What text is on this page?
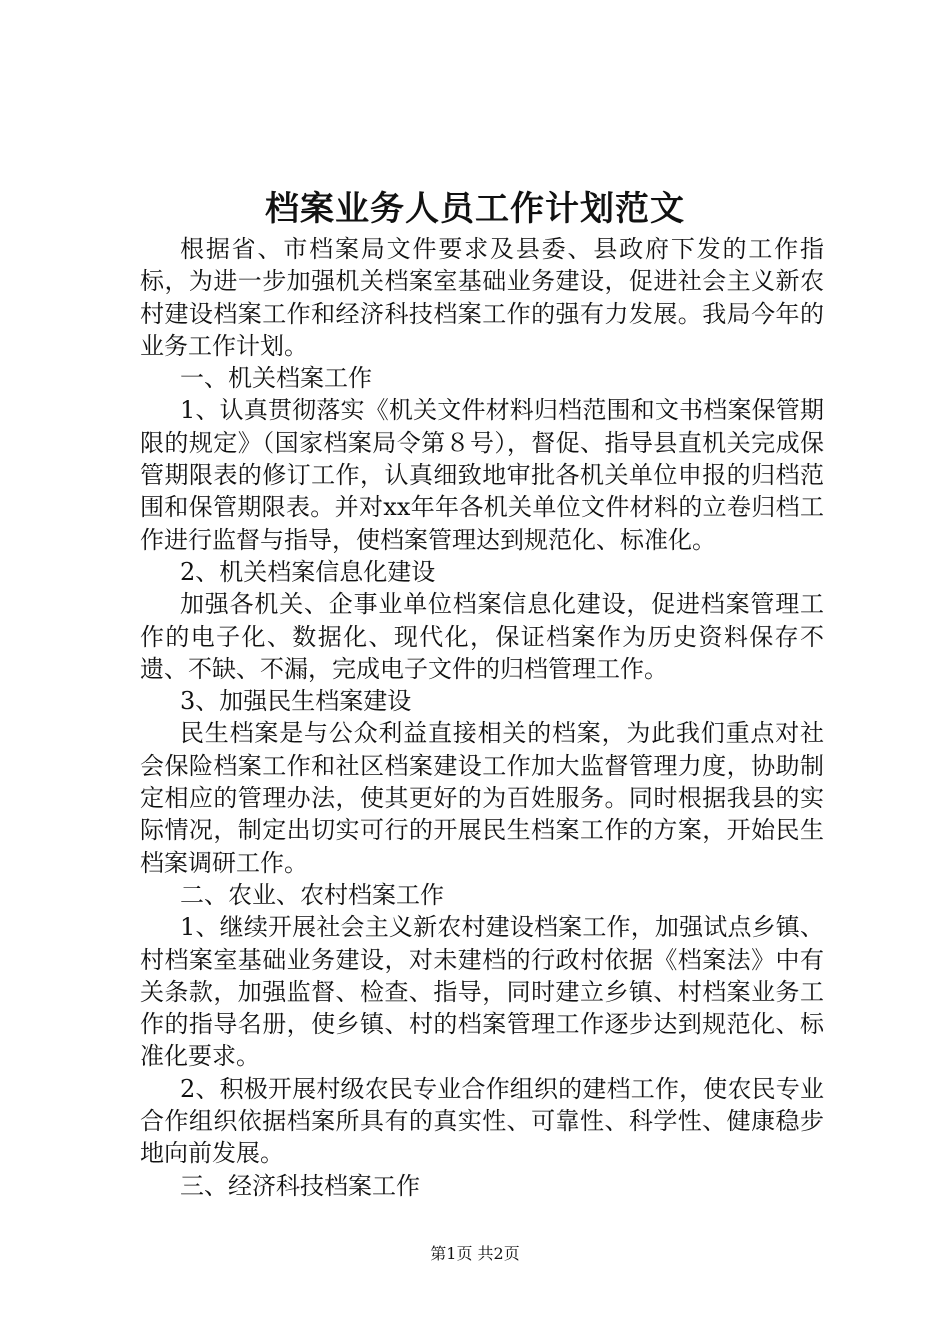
档案业务人员工作计划范文

根据省、市档案局文件要求及县委、县政府下发的工作指标，为进一步加强机关档案室基础业务建设，促进社会主义新农村建设档案工作和经济科技档案工作的强有力发展。我局今年的业务工作计划。

一、机关档案工作

1、认真贯彻落实《机关文件材料归档范围和文书档案保管期限的规定》（国家档案局令第８号），督促、指导县直机关完成保管期限表的修订工作，认真细致地审批各机关单位申报的归档范围和保管期限表。并对xx年年各机关单位文件材料的立卷归档工作进行监督与指导，使档案管理达到规范化、标准化。

2、机关档案信息化建设

加强各机关、企事业单位档案信息化建设，促进档案管理工作的电子化、数据化、现代化，保证档案作为历史资料保存不遗、不缺、不漏，完成电子文件的归档管理工作。

3、加强民生档案建设

民生档案是与公众利益直接相关的档案，为此我们重点对社会保险档案工作和社区档案建设工作加大监督管理力度，协助制定相应的管理办法，使其更好的为百姓服务。同时根据我县的实际情况，制定出切实可行的开展民生档案工作的方案，开始民生档案调研工作。

二、农业、农村档案工作

1、继续开展社会主义新农村建设档案工作，加强试点乡镇、村档案室基础业务建设，对未建档的行政村依据《档案法》中有关条款，加强监督、检查、指导，同时建立乡镇、村档案业务工作的指导名册，使乡镇、村的档案管理工作逐步达到规范化、标准化要求。

2、积极开展村级农民专业合作组织的建档工作，使农民专业合作组织依据档案所具有的真实性、可靠性、科学性、健康稳步地向前发展。

三、经济科技档案工作

第1页 共2页
